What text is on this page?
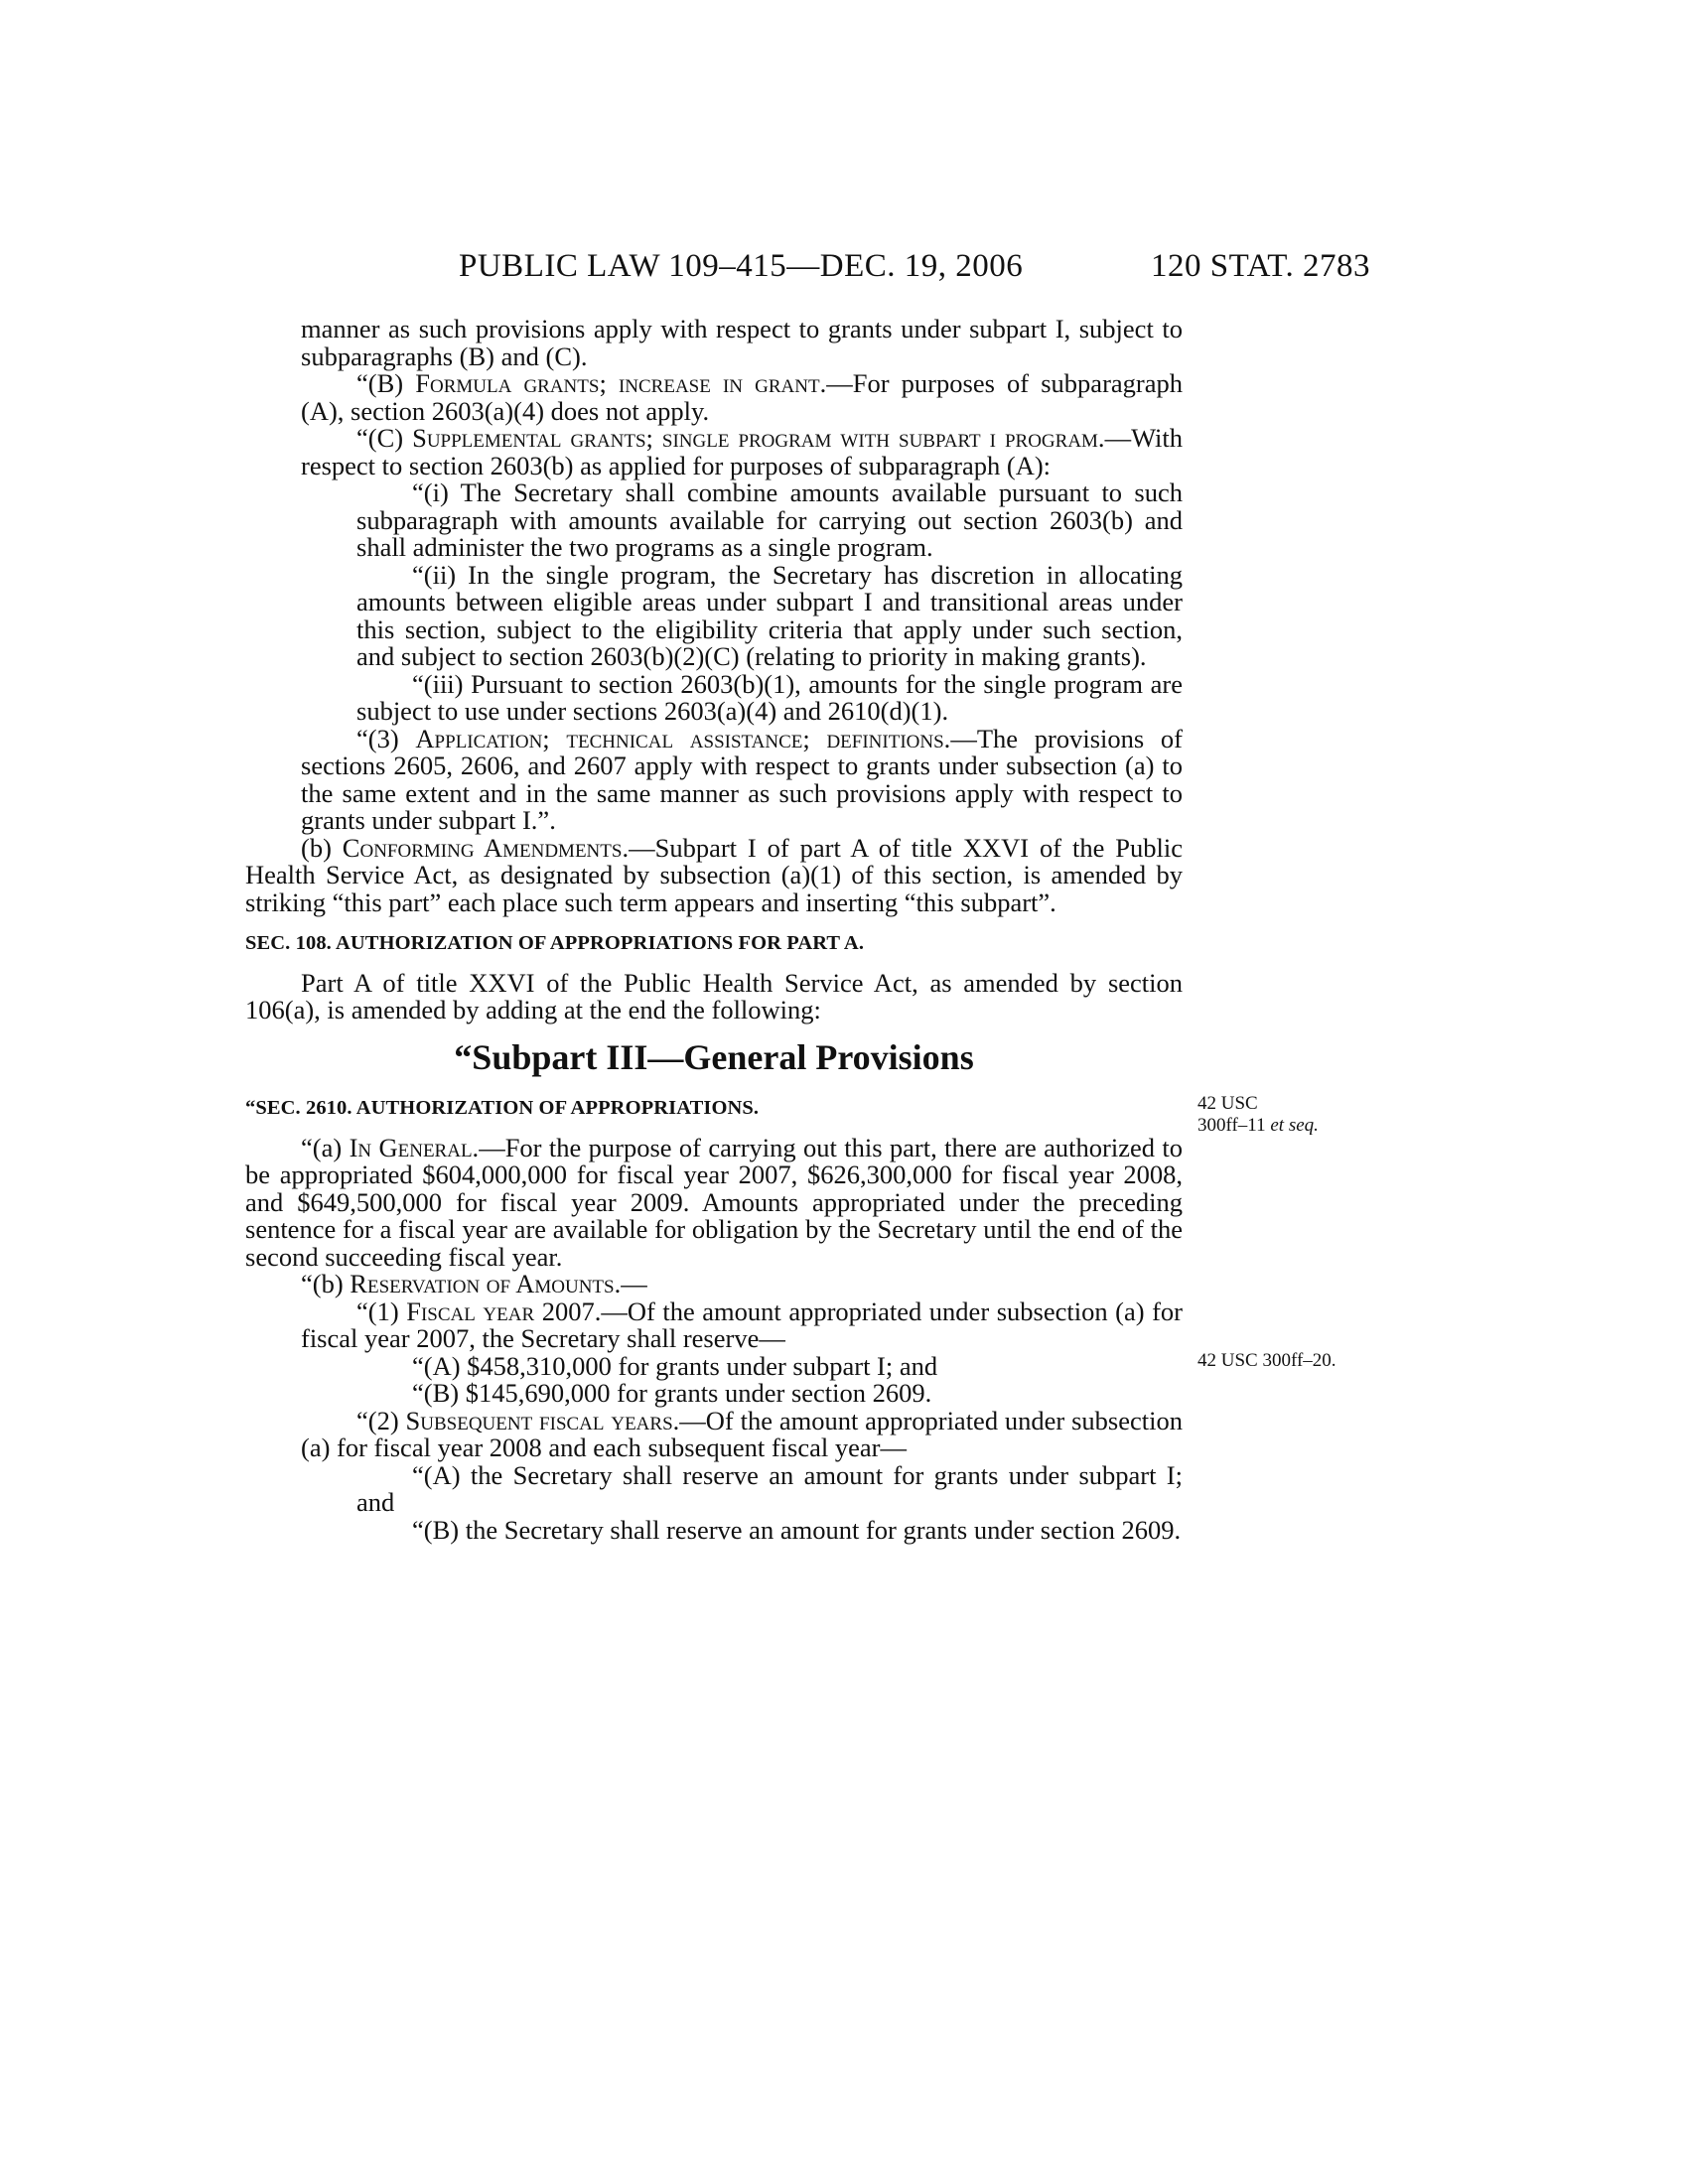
PUBLIC LAW 109–415—DEC. 19, 2006	120 STAT. 2783

manner as such provisions apply with respect to grants under subpart I, subject to subparagraphs (B) and (C).

“(B) Formula grants; increase in grant.—For purposes of subparagraph (A), section 2603(a)(4) does not apply.

“(C) Supplemental grants; single program with subpart i program.—With respect to section 2603(b) as applied for purposes of subparagraph (A):

“(i) The Secretary shall combine amounts available pursuant to such subparagraph with amounts available for carrying out section 2603(b) and shall administer the two programs as a single program.

“(ii) In the single program, the Secretary has discretion in allocating amounts between eligible areas under subpart I and transitional areas under this section, subject to the eligibility criteria that apply under such section, and subject to section 2603(b)(2)(C) (relating to priority in making grants).

“(iii) Pursuant to section 2603(b)(1), amounts for the single program are subject to use under sections 2603(a)(4) and 2610(d)(1).

“(3) Application; technical assistance; definitions.—The provisions of sections 2605, 2606, and 2607 apply with respect to grants under subsection (a) to the same extent and in the same manner as such provisions apply with respect to grants under subpart I.”.

(b) Conforming Amendments.—Subpart I of part A of title XXVI of the Public Health Service Act, as designated by subsection (a)(1) of this section, is amended by striking “this part” each place such term appears and inserting “this subpart”.

SEC. 108. AUTHORIZATION OF APPROPRIATIONS FOR PART A.

Part A of title XXVI of the Public Health Service Act, as amended by section 106(a), is amended by adding at the end the following:

“Subpart III—General Provisions

“SEC. 2610. AUTHORIZATION OF APPROPRIATIONS.

“(a) In General.—For the purpose of carrying out this part, there are authorized to be appropriated $604,000,000 for fiscal year 2007, $626,300,000 for fiscal year 2008, and $649,500,000 for fiscal year 2009. Amounts appropriated under the preceding sentence for a fiscal year are available for obligation by the Secretary until the end of the second succeeding fiscal year.

“(b) Reservation of Amounts.—

“(1) Fiscal year 2007.—Of the amount appropriated under subsection (a) for fiscal year 2007, the Secretary shall reserve—

“(A) $458,310,000 for grants under subpart I; and

“(B) $145,690,000 for grants under section 2609.

“(2) Subsequent fiscal years.—Of the amount appropriated under subsection (a) for fiscal year 2008 and each subsequent fiscal year—

“(A) the Secretary shall reserve an amount for grants under subpart I; and

“(B) the Secretary shall reserve an amount for grants under section 2609.

42 USC
300ff–11 et seq.
42 USC 300ff–20.
